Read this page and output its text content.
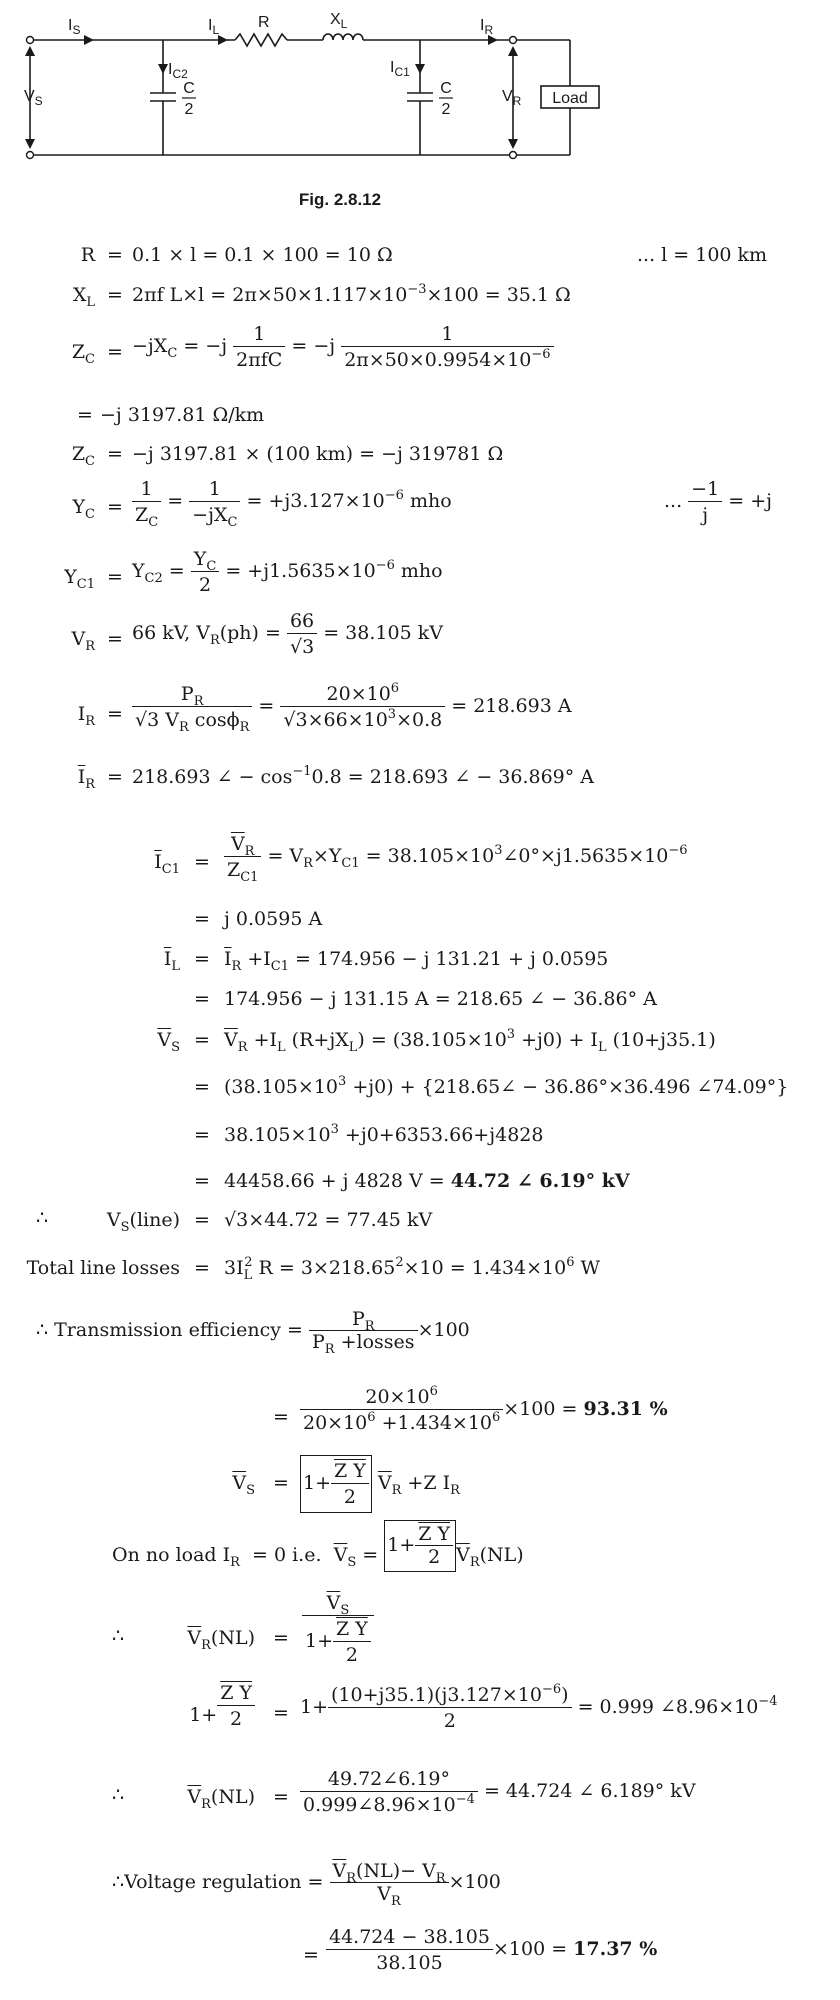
Load
$I_S$	$I_L$ R	$X_L$	$I_R$
$I_{C2}$	$I_{C1}$
$V_S$	$V_R$
C
2
C
2
Fig. 2.8.12
R = 0.1 × l = 0.1 × 100 = 10 Ω	... l = 100 km
$X_L = 2\pi f$ $L\times l = 2\pi\times 50\times 1.117\times 10^{-3}\times 100 = 35.1$ Ω
$Z_C = -jX_C = -j \frac{1}{\text{2πfC}} = -j \frac{1}{2\pi\times 50\times 0.9954\times 10^{-6}}$
= −j 3197.81 Ω/km
$Z_C = -j$ 3197.81 × (100 km) = −j 319781 Ω
$Y_C = \frac{1}{Z_C} = \frac{1}{-jX_C} = +j3.127\times 10^{-6}$ mho	... $\frac{-1}{j} = +j$
$Y_{C1} = Y_{C2} = \frac{Y_C}{2} = +j1.5635\times 10^{-6}$ mho
$V_R = 66$ kV, $V_R(ph) = \frac{66}{√3} = 38.105$ kV
$I_R = \frac{P_R}{√3 V_R \cos\phi_R} = \frac{20\times 10^6}{√3\times 66\times 10^3\times 0.8} = 218.693$ A
$\overline{I}_R = 218.693$ ∠ − $\cos^{-1}0.8 = 218.693$ ∠ − 36.869° A
$\overline{I}_{C1} = \frac{\overline{V}_R}{Z_{C1}} = V_R\times Y_{C1}$ = $38.105\times 10^3\angle 0^\circ\times j1.5635\times 10^{-6}$
= j 0.0595 A
$\overline{I}_L = \overline{I}_R +I_{C1} = 174.956 - j$ 131.21 + j 0.0595
= 174.956 − j 131.15 A = 218.65 ∠ − 36.86° A
$\overline{V}_S = \overline{V}_R +I_L$ $(R+jX_L) = (38.105\times 10^3 +j0) + I_L$ (10+j35.1)
= $(38.105\times 10^3 +j0)$ + {218.65∠ − 36.86°×36.496 ∠74.09°}
= $38.105\times 10^3 +j0+6353.66+j4828$
= 44458.66 + j 4828 V = 44.72 ∠ 6.19° kV
∴	$V_S(line) = √3\times 44.72 = 77.45$ kV
Total line losses = $3I_L^2$ $R = 3\times 218.65^2\times 10 = 1.434\times 10^6$ W
∴ Transmission efficiency = $\frac{P_R}{P_R +losses} \times 100$
= $\frac{20\times 10^6}{20\times 10^6 +1.434\times 10^6} \times 100 = 93.31$ %
$\overline{V}_S = 1+ \frac{\text{Z Y}}{2} \overline{V}_R +Z$ $I_R$
On no load $I_R = 0$ i.e. $\overline{V}_S = 1+ \frac{\text{Z Y}}{2} \overline{V}_R(NL)$
∴	$\overline{V}_R(NL) = \frac{\overline{V}_S}{1+ \frac{\text{Z Y}}{2}}$
$1+ \frac{\text{Z Y}}{2} = 1+ \frac{(10+j35.1)(j3.127\times 10^{-6})}{2} = 0.999$ $\angle 8.96\times 10^{-4}$
∴	$\overline{V}_R(NL) = \frac{49.72\angle 6.19^\circ}{0.999\angle 8.96\times 10^{-4}} = 44.724$ ∠ 6.189° kV
∴Voltage regulation = $\frac{\overline{V}_R(NL)- V_R}{V_R} \times 100$
= $\frac{44.724 - 38.105}{38.105} \times 100 = 17.37$ %
